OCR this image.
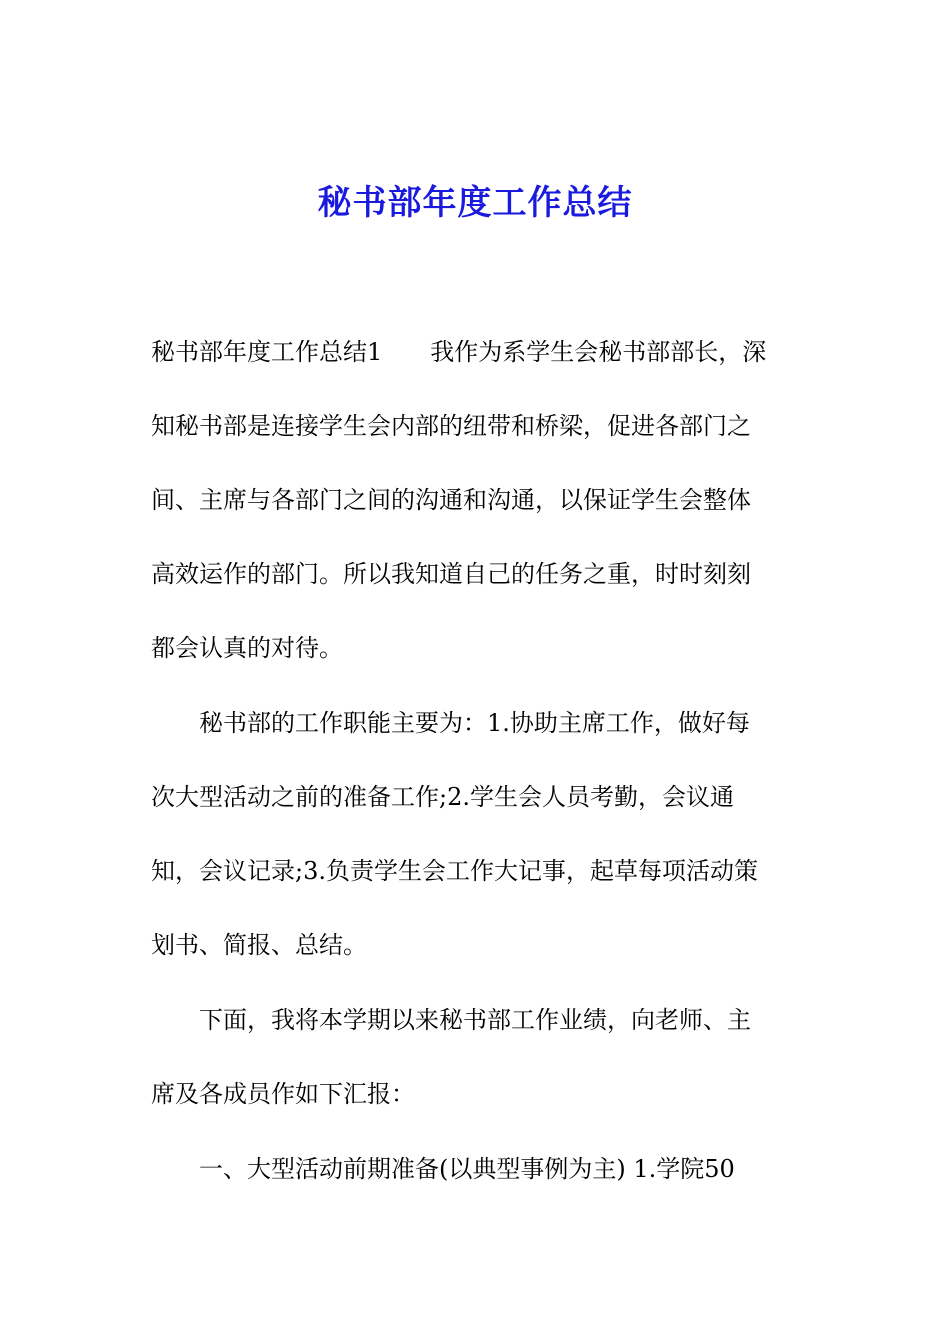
秘书部年度工作总结

秘书部年度工作总结1　　我作为系学生会秘书部部长，深

知秘书部是连接学生会内部的纽带和桥梁，促进各部门之

间、主席与各部门之间的沟通和沟通，以保证学生会整体

高效运作的部门。所以我知道自己的任务之重，时时刻刻

都会认真的对待。

　　秘书部的工作职能主要为：1.协助主席工作，做好每

次大型活动之前的准备工作;2.学生会人员考勤，会议通

知，会议记录;3.负责学生会工作大记事，起草每项活动策

划书、简报、总结。

　　下面，我将本学期以来秘书部工作业绩，向老师、主

席及各成员作如下汇报：

　　一、大型活动前期准备(以典型事例为主) 1.学院50
